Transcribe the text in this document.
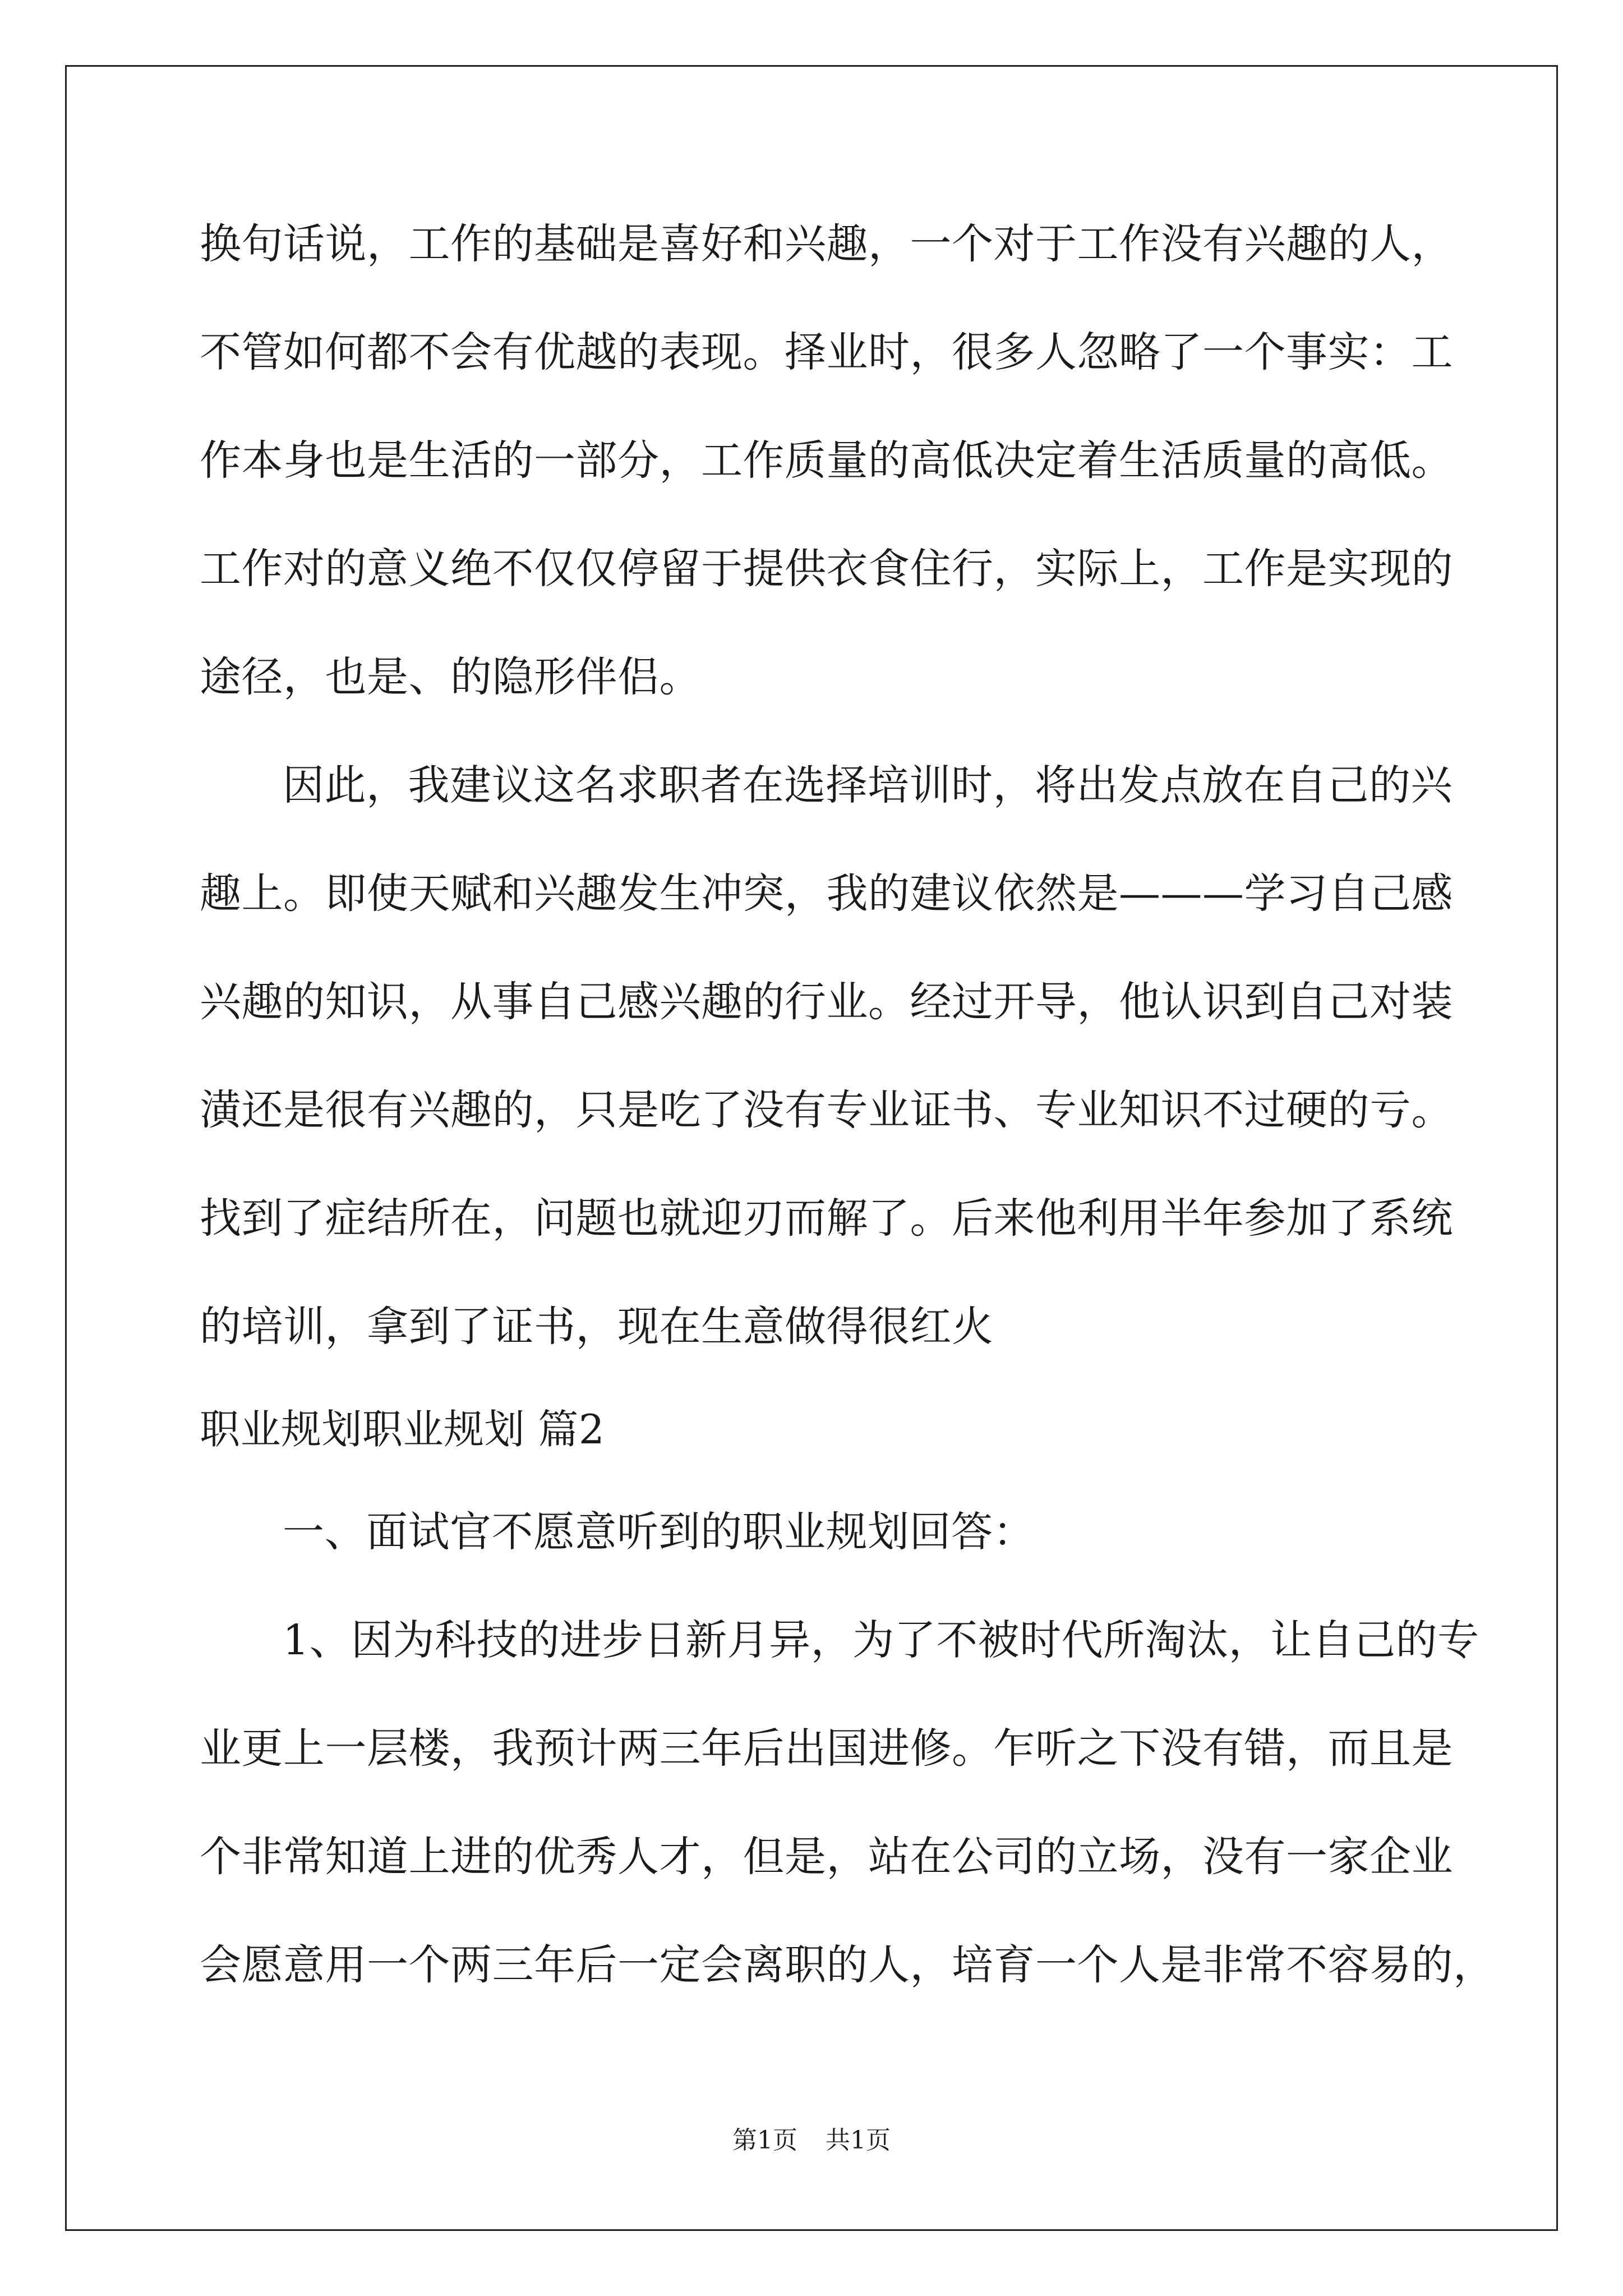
换句话说，工作的基础是喜好和兴趣，一个对于工作没有兴趣的人，
不管如何都不会有优越的表现。择业时，很多人忽略了一个事实：工
作本身也是生活的一部分，工作质量的高低决定着生活质量的高低。
工作对的意义绝不仅仅停留于提供衣食住行，实际上，工作是实现的
途径，也是、的隐形伴侣。
因此，我建议这名求职者在选择培训时，将出发点放在自己的兴
趣上。即使天赋和兴趣发生冲突，我的建议依然是———学习自己感
兴趣的知识，从事自己感兴趣的行业。经过开导，他认识到自己对装
潢还是很有兴趣的，只是吃了没有专业证书、专业知识不过硬的亏。
找到了症结所在，问题也就迎刃而解了。后来他利用半年参加了系统
的培训，拿到了证书，现在生意做得很红火
职业规划职业规划 篇2
一、面试官不愿意听到的职业规划回答：
1、因为科技的进步日新月异，为了不被时代所淘汰，让自己的专
业更上一层楼，我预计两三年后出国进修。乍听之下没有错，而且是
个非常知道上进的优秀人才，但是，站在公司的立场，没有一家企业
会愿意用一个两三年后一定会离职的人，培育一个人是非常不容易的，
第1页 共1页
